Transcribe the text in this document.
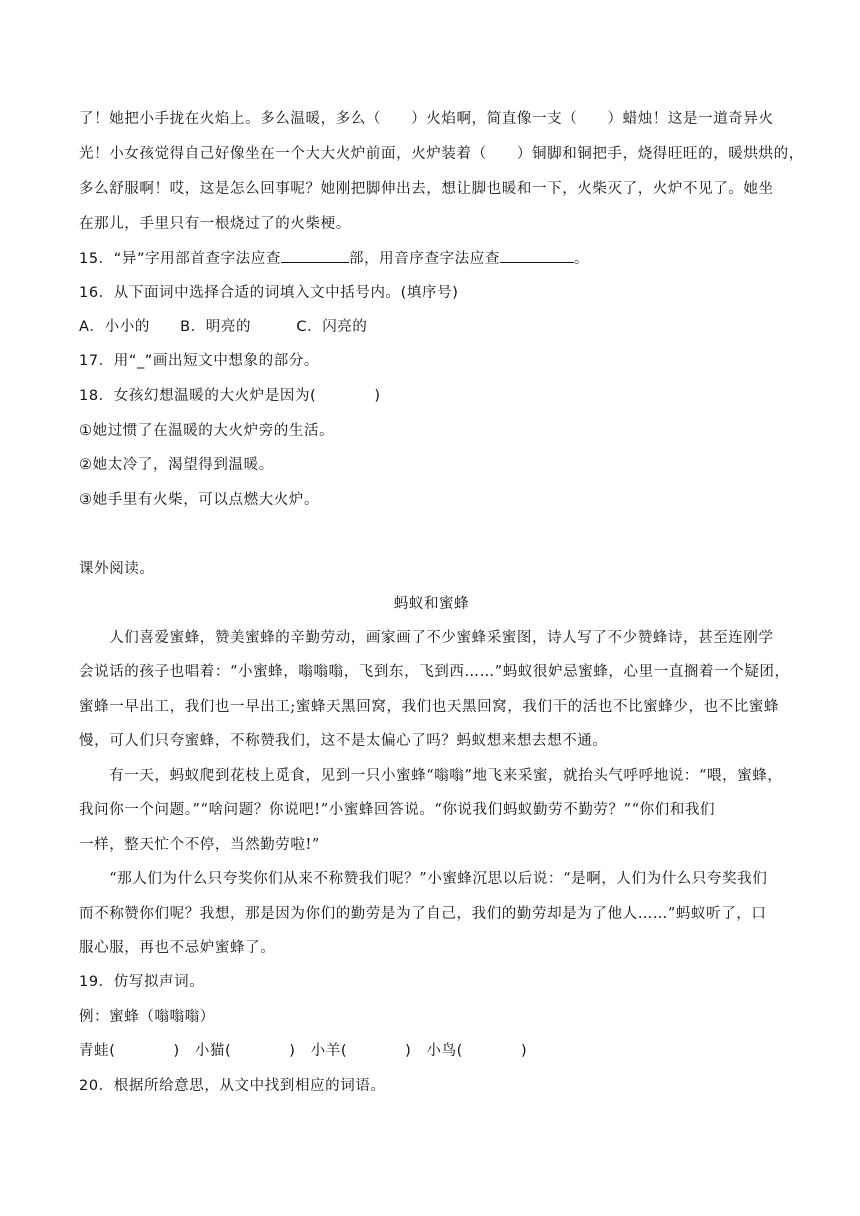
了！她把小手拢在火焰上。多么温暖，多么（　　）火焰啊，简直像一支（　　）蜡烛！这是一道奇异火
光！小女孩觉得自己好像坐在一个大大火炉前面，火炉装着（　　）铜脚和铜把手，烧得旺旺的，暖烘烘的，
多么舒服啊！哎，这是怎么回事呢？她刚把脚伸出去，想让脚也暖和一下，火柴灭了，火炉不见了。她坐
在那儿，手里只有一根烧过了的火柴梗。
15．“异”字用部首查字法应查	部，用音序查字法应查	。
16．从下面词中选择合适的词填入文中括号内。(填序号)
A．小小的　　B．明亮的　　　C．闪亮的
17．用“_”画出短文中想象的部分。
18．女孩幻想温暖的大火炉是因为(	)
①她过惯了在温暖的大火炉旁的生活。
②她太冷了，渴望得到温暖。
③她手里有火柴，可以点燃大火炉。
课外阅读。
蚂蚁和蜜蜂
　　人们喜爱蜜蜂，赞美蜜蜂的辛勤劳动，画家画了不少蜜蜂采蜜图，诗人写了不少赞蜂诗，甚至连刚学
会说话的孩子也唱着：“小蜜蜂，嗡嗡嗡，飞到东，飞到西……”蚂蚁很妒忌蜜蜂，心里一直搁着一个疑团，
蜜蜂一早出工，我们也一早出工;蜜蜂天黑回窝，我们也天黑回窝，我们干的活也不比蜜蜂少，也不比蜜蜂
慢，可人们只夸蜜蜂，不称赞我们，这不是太偏心了吗？蚂蚁想来想去想不通。
　　有一天，蚂蚁爬到花枝上觅食，见到一只小蜜蜂“嗡嗡”地飞来采蜜，就抬头气呼呼地说：“喂，蜜蜂，
我问你一个问题。”“啥问题？你说吧!”小蜜蜂回答说。“你说我们蚂蚁勤劳不勤劳？”“你们和我们
一样，整天忙个不停，当然勤劳啦!”
　　“那人们为什么只夸奖你们从来不称赞我们呢？”小蜜蜂沉思以后说：“是啊，人们为什么只夸奖我们
而不称赞你们呢？我想，那是因为你们的勤劳是为了自己，我们的勤劳却是为了他人……”蚂蚁听了，口
服心服，再也不忌妒蜜蜂了。
19．仿写拟声词。
例：蜜蜂（嗡嗡嗡）
青蛙(	)　小猫(	)　小羊(	)　小鸟(	)
20．根据所给意思，从文中找到相应的词语。
